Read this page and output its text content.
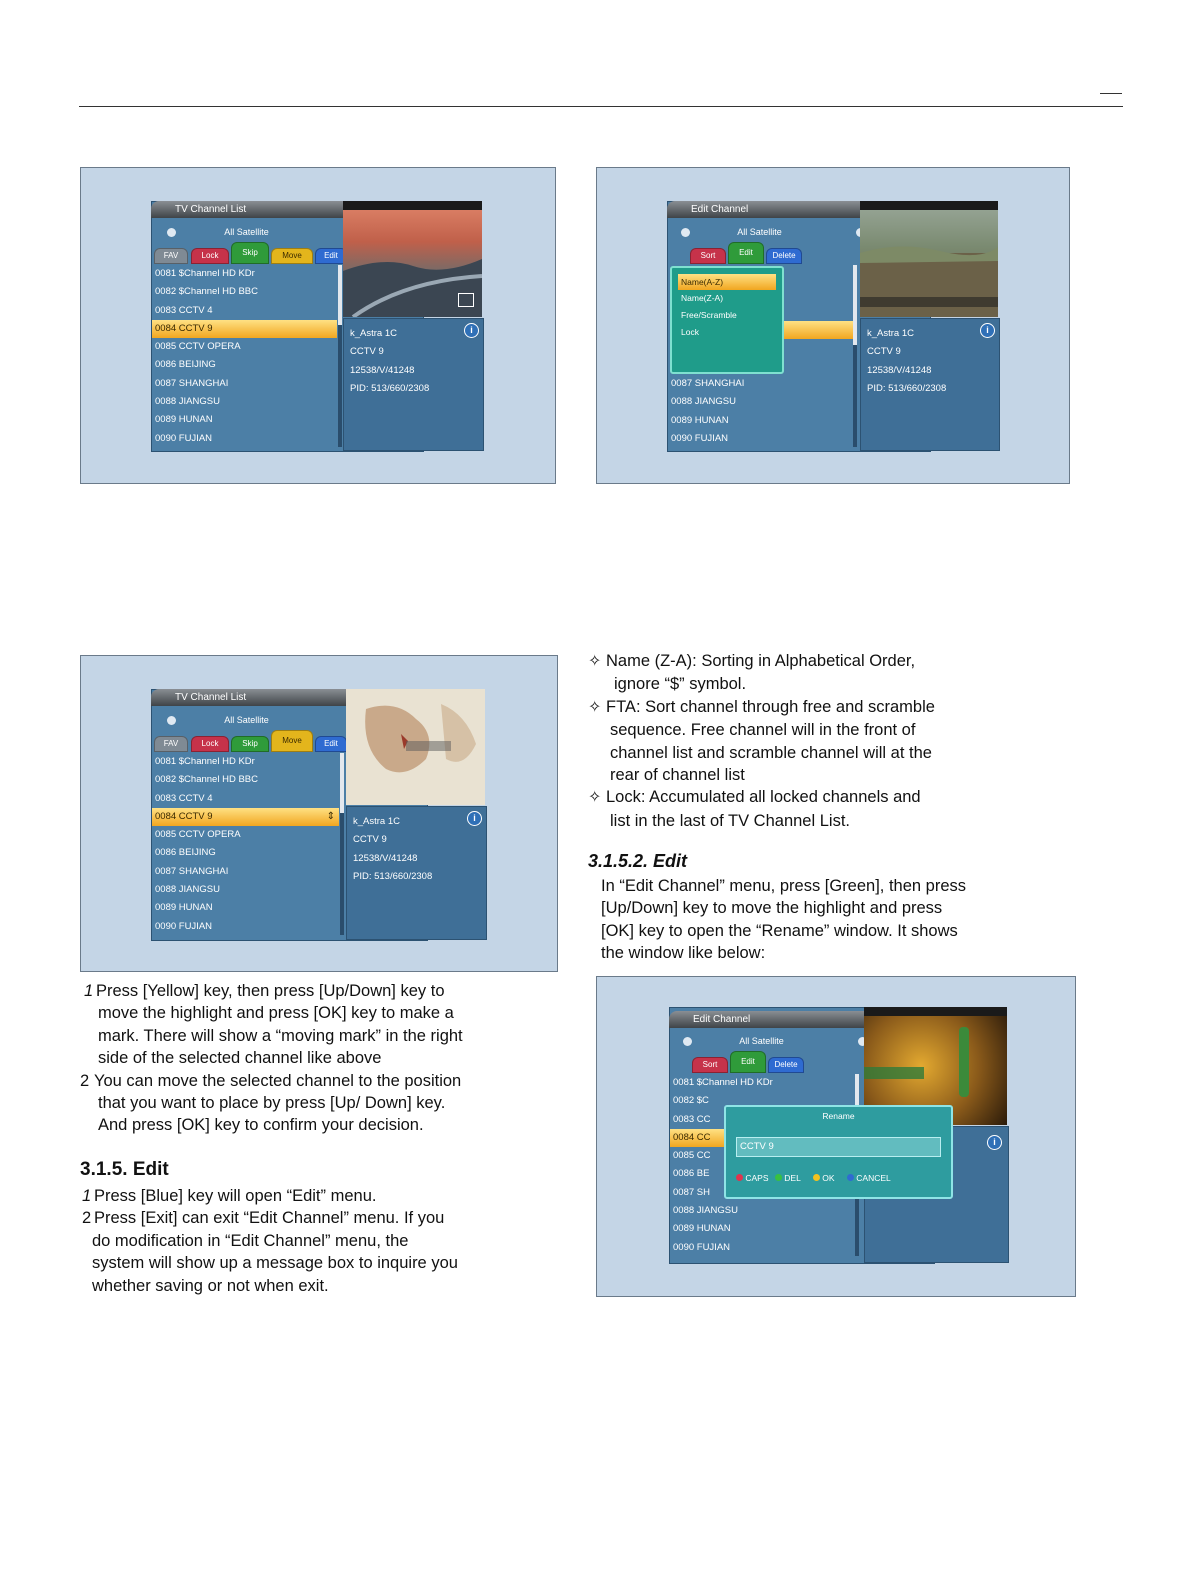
TV Channel List
All Satellite
FAV	Lock	Skip	Move	Edit
0081 $Channel HD KDr
0082 $Channel HD BBC
0083 CCTV 4
0084 CCTV 9
0085 CCTV OPERA
0086 BEIJING
0087 SHANGHAI
0088 JIANGSU
0089 HUNAN
0090 FUJIAN
k_Astra 1C
CCTV 9
12538/V/41248
PID: 513/660/2308
i
Edit Channel
All Satellite
Sort	Edit	Delete
Name(A-Z)
Name(Z-A)
Free/Scramble
Lock
0087 SHANGHAI
0088 JIANGSU
0089 HUNAN
0090 FUJIAN
k_Astra 1C
CCTV 9
12538/V/41248
PID: 513/660/2308
i
TV Channel List
All Satellite
FAV	Lock	Skip	Move	Edit
0081 $Channel HD KDr
0082 $Channel HD BBC
0083 CCTV 4
0084 CCTV 9	⇕
0085 CCTV OPERA
0086 BEIJING
0087 SHANGHAI
0088 JIANGSU
0089 HUNAN
0090 FUJIAN
k_Astra 1C
CCTV 9
12538/V/41248
PID: 513/660/2308
i
Edit Channel
All Satellite
Sort	Edit	Delete
0081 $Channel HD KDr
0082 $C
0083 CC
0084 CC
0085 CC
0086 BE
0087 SH
0088 JIANGSU
0089 HUNAN
0090 FUJIAN
i
Rename
CCTV 9
CAPS DEL	OK	CANCEL

✧ Name (Z-A): Sorting in Alphabetical Order,

ignore “$” symbol.

✧ FTA: Sort channel through free and scramble

sequence. Free channel will in the front of

channel list and scramble channel will at the

rear of channel list

✧ Lock: Accumulated all locked channels and

list in the last of TV Channel List.

3.1.5.2. Edit

In “Edit Channel” menu, press [Green], then press

[Up/Down] key to move the highlight and press

[OK] key to open the “Rename” window. It shows

the window like below:

1 Press [Yellow] key, then press [Up/Down] key to

move the highlight and press [OK] key to make a

mark. There will show a “moving mark” in the right

side of the selected channel like above

2 You can move the selected channel to the position

that you want to place by press [Up/ Down] key.

And press [OK] key to confirm your decision.

3.1.5. Edit

1 Press [Blue] key will open “Edit” menu.

2 Press [Exit] can exit “Edit Channel” menu. If you

do modification in “Edit Channel” menu, the

system will show up a message box to inquire you

whether saving or not when exit.
